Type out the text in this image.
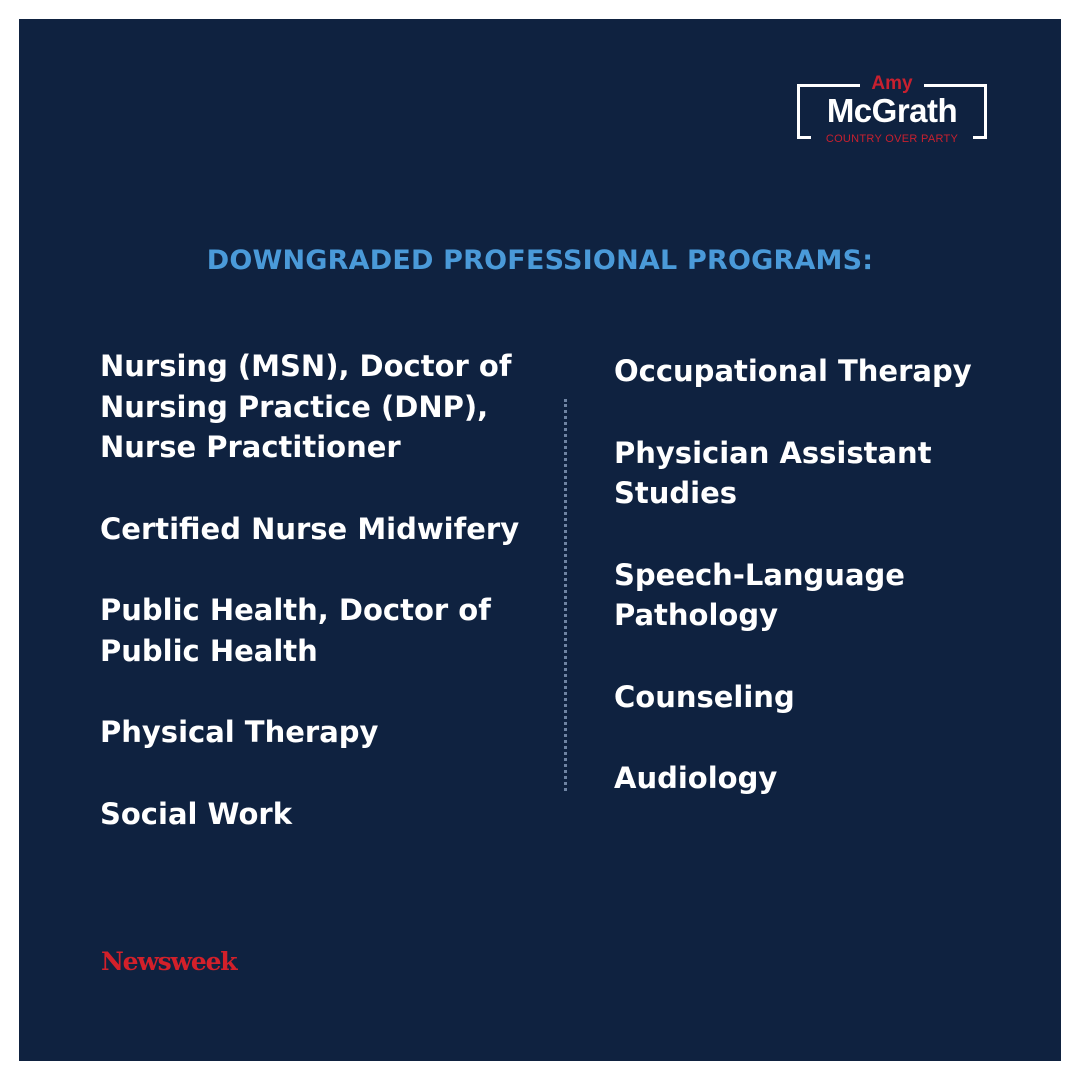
Amy
McGrath
COUNTRY OVER PARTY
DOWNGRADED PROFESSIONAL PROGRAMS:
Nursing (MSN), Doctor of Nursing Practice (DNP), Nurse Practitioner
Certified Nurse Midwifery
Public Health, Doctor of Public Health
Physical Therapy
Social Work
Occupational Therapy
Physician Assistant Studies
Speech-Language Pathology
Counseling
Audiology
Newsweek
